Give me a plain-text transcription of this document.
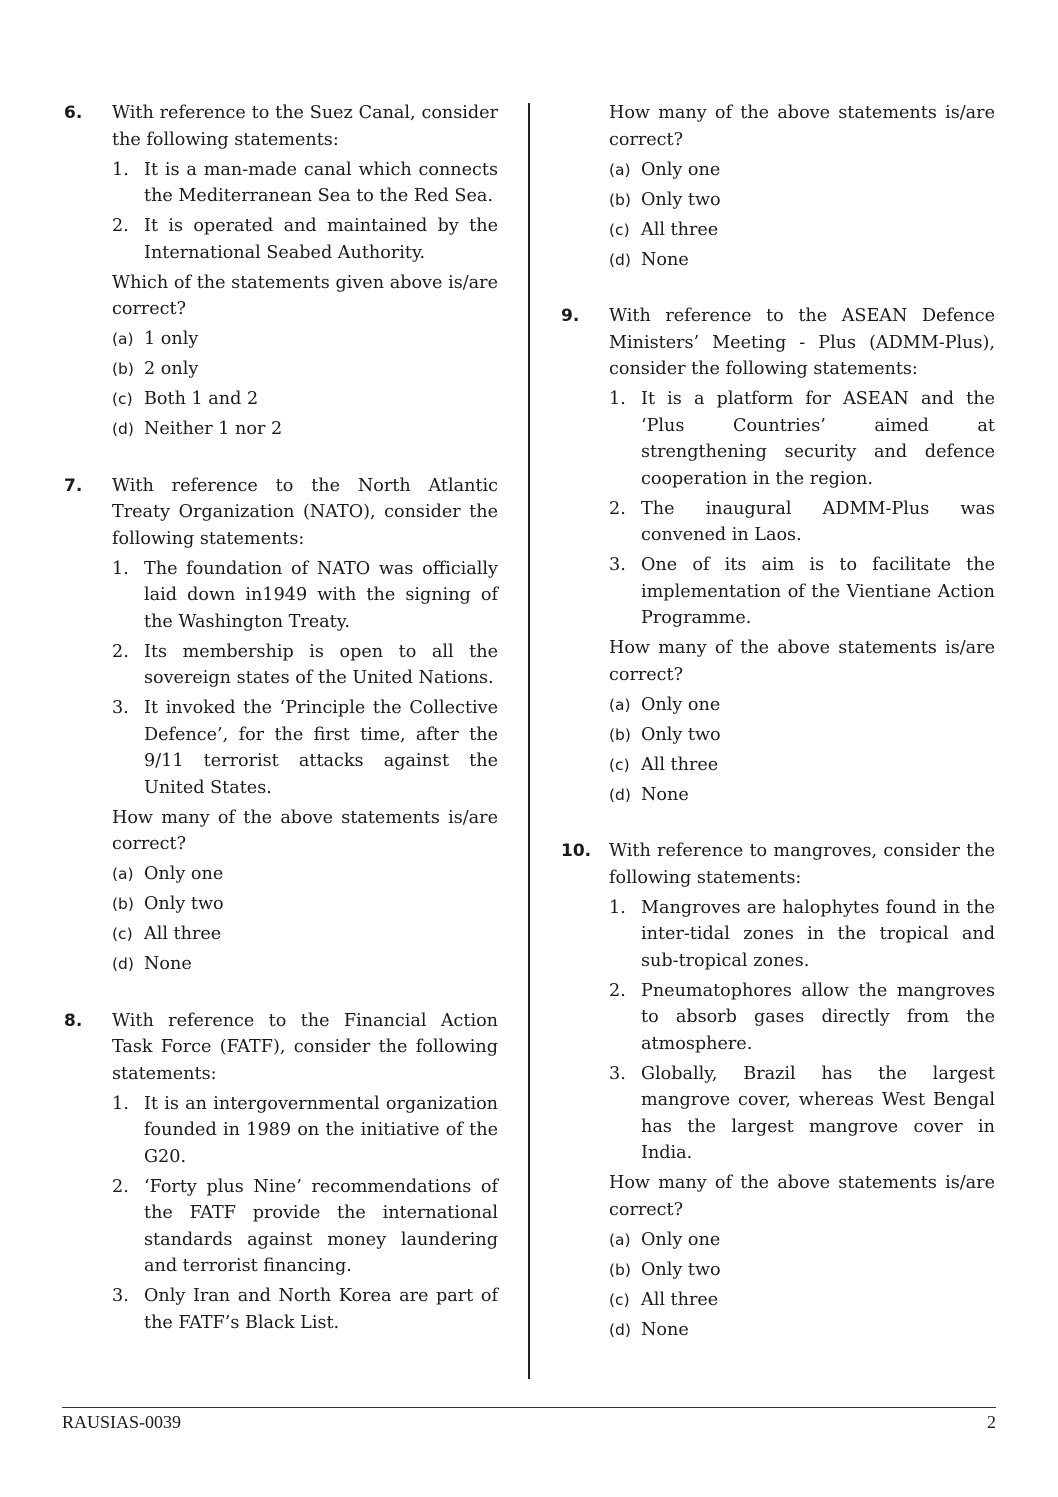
6. With reference to the Suez Canal, consider the following statements:

1. It is a man-made canal which connects the Mediterranean Sea to the Red Sea.
2. It is operated and maintained by the International Seabed Authority.

Which of the statements given above is/are correct?

(a) 1 only
(b) 2 only
(c) Both 1 and 2
(d) Neither 1 nor 2
7. With reference to the North Atlantic Treaty Organization (NATO), consider the following statements:

1. The foundation of NATO was officially laid down in1949 with the signing of the Washington Treaty.
2. Its membership is open to all the sovereign states of the United Nations.
3. It invoked the ‘Principle the Collective Defence’, for the first time, after the 9/11 terrorist attacks against the United States.

How many of the above statements is/are correct?

(a) Only one
(b) Only two
(c) All three
(d) None
8. With reference to the Financial Action Task Force (FATF), consider the following statements:

1. It is an intergovernmental organization founded in 1989 on the initiative of the G20.
2. ‘Forty plus Nine’ recommendations of the FATF provide the international standards against money laundering and terrorist financing.
3. Only Iran and North Korea are part of the FATF’s Black List.

How many of the above statements is/are correct?

(a) Only one
(b) Only two
(c) All three
(d) None
9. With reference to the ASEAN Defence Ministers’ Meeting - Plus (ADMM-Plus), consider the following statements:

1. It is a platform for ASEAN and the ‘Plus Countries’ aimed at strengthening security and defence cooperation in the region.
2. The inaugural ADMM-Plus was convened in Laos.
3. One of its aim is to facilitate the implementation of the Vientiane Action Programme.

How many of the above statements is/are correct?

(a) Only one
(b) Only two
(c) All three
(d) None
10. With reference to mangroves, consider the following statements:

1. Mangroves are halophytes found in the inter-tidal zones in the tropical and sub-tropical zones.
2. Pneumatophores allow the mangroves to absorb gases directly from the atmosphere.
3. Globally, Brazil has the largest mangrove cover, whereas West Bengal has the largest mangrove cover in India.

How many of the above statements is/are correct?

(a) Only one
(b) Only two
(c) All three
(d) None
RAUSIAS-0039	2
